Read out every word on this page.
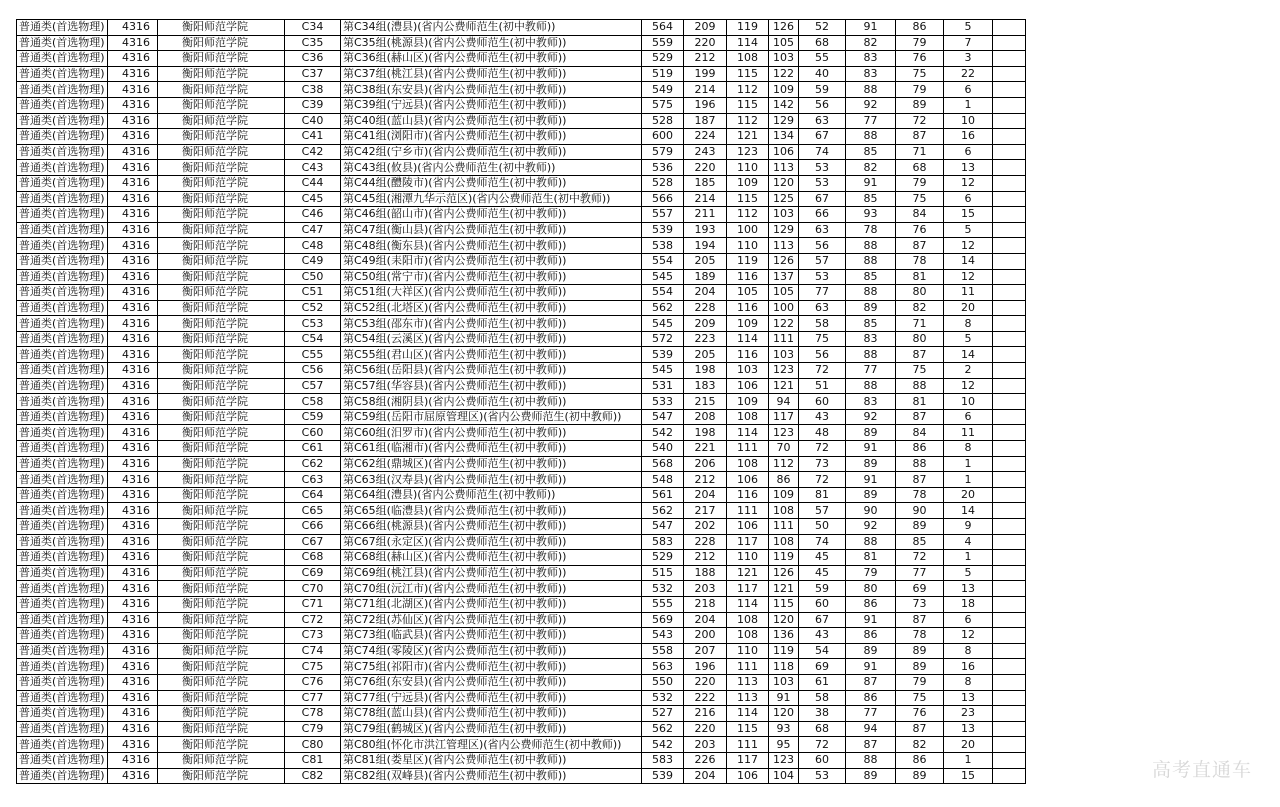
普通类(首选物理)	4316	衡阳师范学院	C34	第C34组(澧县)(省内公费师范生(初中教师))	564	209	119	126	52	91	86	5	
普通类(首选物理)	4316	衡阳师范学院	C35	第C35组(桃源县)(省内公费师范生(初中教师))	559	220	114	105	68	82	79	7	
普通类(首选物理)	4316	衡阳师范学院	C36	第C36组(赫山区)(省内公费师范生(初中教师))	529	212	108	103	55	83	76	3	
普通类(首选物理)	4316	衡阳师范学院	C37	第C37组(桃江县)(省内公费师范生(初中教师))	519	199	115	122	40	83	75	22	
普通类(首选物理)	4316	衡阳师范学院	C38	第C38组(东安县)(省内公费师范生(初中教师))	549	214	112	109	59	88	79	6	
普通类(首选物理)	4316	衡阳师范学院	C39	第C39组(宁远县)(省内公费师范生(初中教师))	575	196	115	142	56	92	89	1	
普通类(首选物理)	4316	衡阳师范学院	C40	第C40组(蓝山县)(省内公费师范生(初中教师))	528	187	112	129	63	77	72	10	
普通类(首选物理)	4316	衡阳师范学院	C41	第C41组(浏阳市)(省内公费师范生(初中教师))	600	224	121	134	67	88	87	16	
普通类(首选物理)	4316	衡阳师范学院	C42	第C42组(宁乡市)(省内公费师范生(初中教师))	579	243	123	106	74	85	71	6	
普通类(首选物理)	4316	衡阳师范学院	C43	第C43组(攸县)(省内公费师范生(初中教师))	536	220	110	113	53	82	68	13	
普通类(首选物理)	4316	衡阳师范学院	C44	第C44组(醴陵市)(省内公费师范生(初中教师))	528	185	109	120	53	91	79	12	
普通类(首选物理)	4316	衡阳师范学院	C45	第C45组(湘潭九华示范区)(省内公费师范生(初中教师))	566	214	115	125	67	85	75	6	
普通类(首选物理)	4316	衡阳师范学院	C46	第C46组(韶山市)(省内公费师范生(初中教师))	557	211	112	103	66	93	84	15	
普通类(首选物理)	4316	衡阳师范学院	C47	第C47组(衡山县)(省内公费师范生(初中教师))	539	193	100	129	63	78	76	5	
普通类(首选物理)	4316	衡阳师范学院	C48	第C48组(衡东县)(省内公费师范生(初中教师))	538	194	110	113	56	88	87	12	
普通类(首选物理)	4316	衡阳师范学院	C49	第C49组(耒阳市)(省内公费师范生(初中教师))	554	205	119	126	57	88	78	14	
普通类(首选物理)	4316	衡阳师范学院	C50	第C50组(常宁市)(省内公费师范生(初中教师))	545	189	116	137	53	85	81	12	
普通类(首选物理)	4316	衡阳师范学院	C51	第C51组(大祥区)(省内公费师范生(初中教师))	554	204	105	105	77	88	80	11	
普通类(首选物理)	4316	衡阳师范学院	C52	第C52组(北塔区)(省内公费师范生(初中教师))	562	228	116	100	63	89	82	20	
普通类(首选物理)	4316	衡阳师范学院	C53	第C53组(邵东市)(省内公费师范生(初中教师))	545	209	109	122	58	85	71	8	
普通类(首选物理)	4316	衡阳师范学院	C54	第C54组(云溪区)(省内公费师范生(初中教师))	572	223	114	111	75	83	80	5	
普通类(首选物理)	4316	衡阳师范学院	C55	第C55组(君山区)(省内公费师范生(初中教师))	539	205	116	103	56	88	87	14	
普通类(首选物理)	4316	衡阳师范学院	C56	第C56组(岳阳县)(省内公费师范生(初中教师))	545	198	103	123	72	77	75	2	
普通类(首选物理)	4316	衡阳师范学院	C57	第C57组(华容县)(省内公费师范生(初中教师))	531	183	106	121	51	88	88	12	
普通类(首选物理)	4316	衡阳师范学院	C58	第C58组(湘阴县)(省内公费师范生(初中教师))	533	215	109	94	60	83	81	10	
普通类(首选物理)	4316	衡阳师范学院	C59	第C59组(岳阳市屈原管理区)(省内公费师范生(初中教师))	547	208	108	117	43	92	87	6	
普通类(首选物理)	4316	衡阳师范学院	C60	第C60组(汨罗市)(省内公费师范生(初中教师))	542	198	114	123	48	89	84	11	
普通类(首选物理)	4316	衡阳师范学院	C61	第C61组(临湘市)(省内公费师范生(初中教师))	540	221	111	70	72	91	86	8	
普通类(首选物理)	4316	衡阳师范学院	C62	第C62组(鼎城区)(省内公费师范生(初中教师))	568	206	108	112	73	89	88	1	
普通类(首选物理)	4316	衡阳师范学院	C63	第C63组(汉寿县)(省内公费师范生(初中教师))	548	212	106	86	72	91	87	1	
普通类(首选物理)	4316	衡阳师范学院	C64	第C64组(澧县)(省内公费师范生(初中教师))	561	204	116	109	81	89	78	20	
普通类(首选物理)	4316	衡阳师范学院	C65	第C65组(临澧县)(省内公费师范生(初中教师))	562	217	111	108	57	90	90	14	
普通类(首选物理)	4316	衡阳师范学院	C66	第C66组(桃源县)(省内公费师范生(初中教师))	547	202	106	111	50	92	89	9	
普通类(首选物理)	4316	衡阳师范学院	C67	第C67组(永定区)(省内公费师范生(初中教师))	583	228	117	108	74	88	85	4	
普通类(首选物理)	4316	衡阳师范学院	C68	第C68组(赫山区)(省内公费师范生(初中教师))	529	212	110	119	45	81	72	1	
普通类(首选物理)	4316	衡阳师范学院	C69	第C69组(桃江县)(省内公费师范生(初中教师))	515	188	121	126	45	79	77	5	
普通类(首选物理)	4316	衡阳师范学院	C70	第C70组(沅江市)(省内公费师范生(初中教师))	532	203	117	121	59	80	69	13	
普通类(首选物理)	4316	衡阳师范学院	C71	第C71组(北湖区)(省内公费师范生(初中教师))	555	218	114	115	60	86	73	18	
普通类(首选物理)	4316	衡阳师范学院	C72	第C72组(苏仙区)(省内公费师范生(初中教师))	569	204	108	120	67	91	87	6	
普通类(首选物理)	4316	衡阳师范学院	C73	第C73组(临武县)(省内公费师范生(初中教师))	543	200	108	136	43	86	78	12	
普通类(首选物理)	4316	衡阳师范学院	C74	第C74组(零陵区)(省内公费师范生(初中教师))	558	207	110	119	54	89	89	8	
普通类(首选物理)	4316	衡阳师范学院	C75	第C75组(祁阳市)(省内公费师范生(初中教师))	563	196	111	118	69	91	89	16	
普通类(首选物理)	4316	衡阳师范学院	C76	第C76组(东安县)(省内公费师范生(初中教师))	550	220	113	103	61	87	79	8	
普通类(首选物理)	4316	衡阳师范学院	C77	第C77组(宁远县)(省内公费师范生(初中教师))	532	222	113	91	58	86	75	13	
普通类(首选物理)	4316	衡阳师范学院	C78	第C78组(蓝山县)(省内公费师范生(初中教师))	527	216	114	120	38	77	76	23	
普通类(首选物理)	4316	衡阳师范学院	C79	第C79组(鹤城区)(省内公费师范生(初中教师))	562	220	115	93	68	94	87	13	
普通类(首选物理)	4316	衡阳师范学院	C80	第C80组(怀化市洪江管理区)(省内公费师范生(初中教师))	542	203	111	95	72	87	82	20	
普通类(首选物理)	4316	衡阳师范学院	C81	第C81组(娄星区)(省内公费师范生(初中教师))	583	226	117	123	60	88	86	1	
普通类(首选物理)	4316	衡阳师范学院	C82	第C82组(双峰县)(省内公费师范生(初中教师))	539	204	106	104	53	89	89	15		高考直通车
